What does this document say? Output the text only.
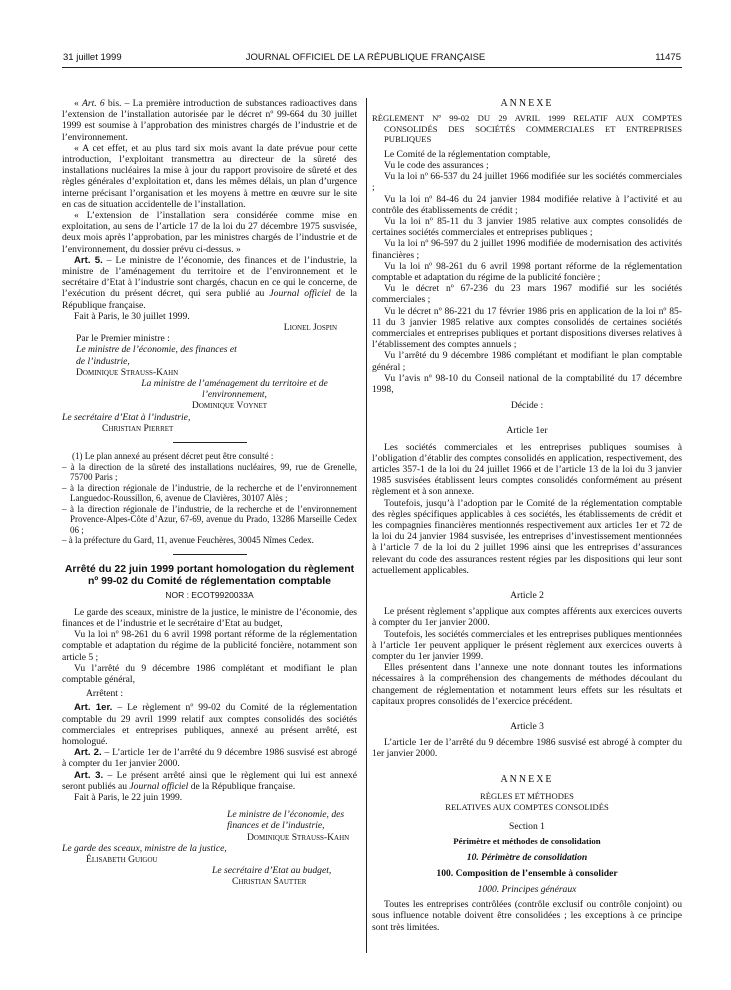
31 juillet 1999	JOURNAL OFFICIEL DE LA RÉPUBLIQUE FRANÇAISE	11475

« Art. 6 bis. – La première introduction de substances radioactives dans l’extension de l’installation autorisée par le décret nº 99-664 du 30 juillet 1999 est soumise à l’approbation des ministres chargés de l’industrie et de l’environnement.

« A cet effet, et au plus tard six mois avant la date prévue pour cette introduction, l’exploitant transmettra au directeur de la sûreté des installations nucléaires la mise à jour du rapport provisoire de sûreté et des règles générales d’exploitation et, dans les mêmes délais, un plan d’urgence interne précisant l’organisation et les moyens à mettre en œuvre sur le site en cas de situation accidentelle de l’installation.

« L’extension de l’installation sera considérée comme mise en exploitation, au sens de l’article 17 de la loi du 27 décembre 1975 susvisée, deux mois après l’approbation, par les ministres chargés de l’industrie et de l’environnement, du dossier prévu ci-dessus. »

Art. 5. – Le ministre de l’économie, des finances et de l’industrie, la ministre de l’aménagement du territoire et de l’environnement et le secrétaire d’Etat à l’industrie sont chargés, chacun en ce qui le concerne, de l’exécution du présent décret, qui sera publié au Journal officiel de la République française.

Fait à Paris, le 30 juillet 1999.

Lionel Jospin

Par le Premier ministre :

Le ministre de l’économie, des finances et de l’industrie,

Dominique Strauss-Kahn

La ministre de l’aménagement du territoire et de l’environnement,

Dominique Voynet

Le secrétaire d’Etat à l’industrie,

Christian Pierret

(1) Le plan annexé au présent décret peut être consulté :

– à la direction de la sûreté des installations nucléaires, 99, rue de Grenelle, 75700 Paris ;

– à la direction régionale de l’industrie, de la recherche et de l’environnement Languedoc-Roussillon, 6, avenue de Clavières, 30107 Alès ;

– à la direction régionale de l’industrie, de la recherche et de l’environnement Provence-Alpes-Côte d’Azur, 67-69, avenue du Prado, 13286 Marseille Cedex 06 ;

– à la préfecture du Gard, 11, avenue Feuchères, 30045 Nîmes Cedex.

Arrêté du 22 juin 1999 portant homologation du règlement nº 99-02 du Comité de réglementation comptable
NOR : ECOT9920033A

Le garde des sceaux, ministre de la justice, le ministre de l’économie, des finances et de l’industrie et le secrétaire d’Etat au budget,

Vu la loi nº 98-261 du 6 avril 1998 portant réforme de la réglementation comptable et adaptation du régime de la publicité foncière, notamment son article 5 ;

Vu l’arrêté du 9 décembre 1986 complétant et modifiant le plan comptable général,

Arrêtent :

Art. 1er. – Le règlement nº 99-02 du Comité de la réglementation comptable du 29 avril 1999 relatif aux comptes consolidés des sociétés commerciales et entreprises publiques, annexé au présent arrêté, est homologué.

Art. 2. – L’article 1er de l’arrêté du 9 décembre 1986 susvisé est abrogé à compter du 1er janvier 2000.

Art. 3. – Le présent arrêté ainsi que le règlement qui lui est annexé seront publiés au Journal officiel de la République française.

Fait à Paris, le 22 juin 1999.

Le ministre de l’économie, des finances et de l’industrie,

Dominique Strauss-Kahn

Le garde des sceaux, ministre de la justice,

Élisabeth Guigou

Le secrétaire d’Etat au budget,

Christian Sautter

ANNEXE

RÈGLEMENT Nº 99-02 DU 29 AVRIL 1999 RELATIF AUX COMPTES CONSOLIDÉS DES SOCIÉTÉS COMMERCIALES ET ENTREPRISES PUBLIQUES

Le Comité de la réglementation comptable,

Vu le code des assurances ;

Vu la loi nº 66-537 du 24 juillet 1966 modifiée sur les sociétés commerciales ;

Vu la loi nº 84-46 du 24 janvier 1984 modifiée relative à l’activité et au contrôle des établissements de crédit ;

Vu la loi nº 85-11 du 3 janvier 1985 relative aux comptes consolidés de certaines sociétés commerciales et entreprises publiques ;

Vu la loi nº 96-597 du 2 juillet 1996 modifiée de modernisation des activités financières ;

Vu la loi nº 98-261 du 6 avril 1998 portant réforme de la réglementation comptable et adaptation du régime de la publicité foncière ;

Vu le décret nº 67-236 du 23 mars 1967 modifié sur les sociétés commerciales ;

Vu le décret nº 86-221 du 17 février 1986 pris en application de la loi nº 85-11 du 3 janvier 1985 relative aux comptes consolidés de certaines sociétés commerciales et entreprises publiques et portant dispositions diverses relatives à l’établissement des comptes annuels ;

Vu l’arrêté du 9 décembre 1986 complétant et modifiant le plan comptable général ;

Vu l’avis nº 98-10 du Conseil national de la comptabilité du 17 décembre 1998,

Décide :

Article 1er

Les sociétés commerciales et les entreprises publiques soumises à l’obligation d’établir des comptes consolidés en application, respectivement, des articles 357-1 de la loi du 24 juillet 1966 et de l’article 13 de la loi du 3 janvier 1985 susvisées établissent leurs comptes consolidés conformément au présent règlement et à son annexe.

Toutefois, jusqu’à l’adoption par le Comité de la réglementation comptable des règles spécifiques applicables à ces sociétés, les établissements de crédit et les compagnies financières mentionnés respectivement aux articles 1er et 72 de la loi du 24 janvier 1984 susvisée, les entreprises d’investissement mentionnées à l’article 7 de la loi du 2 juillet 1996 ainsi que les entreprises d’assurances relevant du code des assurances restent régies par les dispositions qui leur sont actuellement applicables.

Article 2

Le présent règlement s’applique aux comptes afférents aux exercices ouverts à compter du 1er janvier 2000.

Toutefois, les sociétés commerciales et les entreprises publiques mentionnées à l’article 1er peuvent appliquer le présent règlement aux exercices ouverts à compter du 1er janvier 1999.

Elles présentent dans l’annexe une note donnant toutes les informations nécessaires à la compréhension des changements de méthodes découlant du changement de réglementation et notamment leurs effets sur les résultats et capitaux propres consolidés de l’exercice précédent.

Article 3

L’article 1er de l’arrêté du 9 décembre 1986 susvisé est abrogé à compter du 1er janvier 2000.

ANNEXE

RÈGLES ET MÉTHODES

RELATIVES AUX COMPTES CONSOLIDÉS

Section 1

Périmètre et méthodes de consolidation

10. Périmètre de consolidation

100. Composition de l’ensemble à consolider

1000. Principes généraux

Toutes les entreprises contrôlées (contrôle exclusif ou contrôle conjoint) ou sous influence notable doivent être consolidées ; les exceptions à ce principe sont très limitées.
